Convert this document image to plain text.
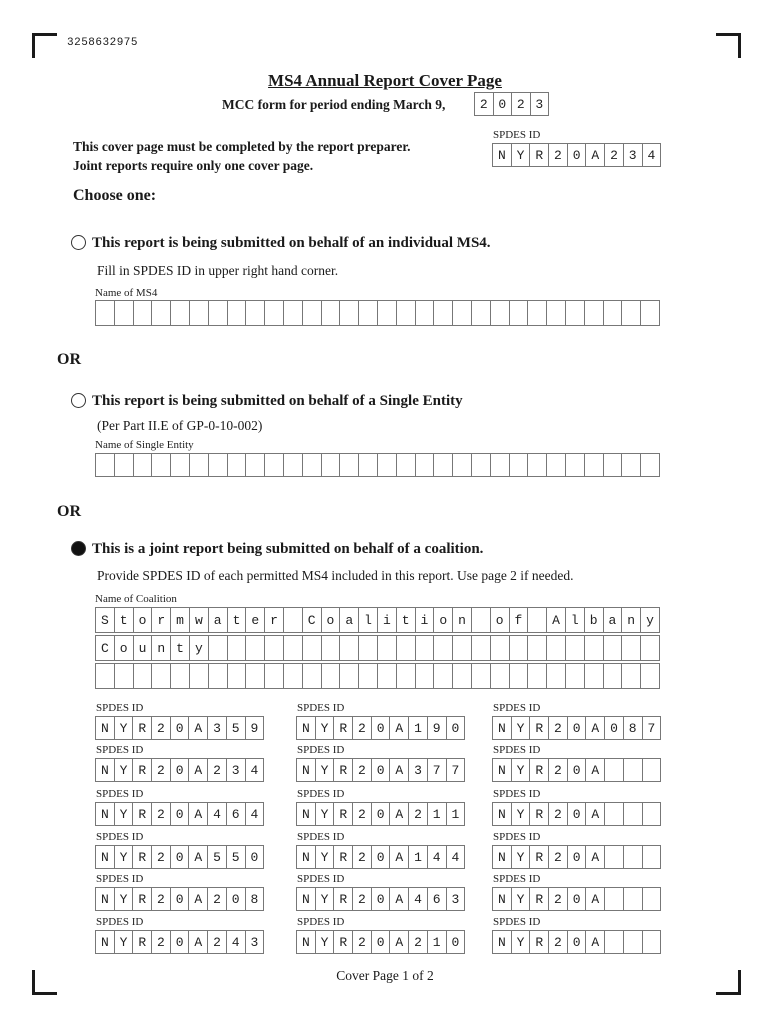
3258632975
MS4 Annual Report Cover Page
MCC form for period ending March 9,	2 0 2 3
This cover page must be completed by the report preparer.
Joint reports require only one cover page.
SPDES ID
N Y R 2 0 A 2 3 4
Choose one:
This report is being submitted on behalf of an individual MS4.
Fill in SPDES ID in upper right hand corner.
Name of MS4
OR
This report is being submitted on behalf of a Single Entity
(Per Part II.E of GP-0-10-002)
Name of Single Entity
OR
This is a joint report being submitted on behalf of a coalition.
Provide SPDES ID of each permitted MS4 included in this report. Use page 2 if needed.
Name of Coalition
S t o r m w a t e r	C o a l i t i o n	o f	A l b a n y
C o u n t y
SPDES ID
N Y R 2 0 A 3 5 9
SPDES ID
N Y R 2 0 A 1 9 0
SPDES ID
N Y R 2 0 A 0 8 7
SPDES ID
N Y R 2 0 A 2 3 4
SPDES ID
N Y R 2 0 A 3 7 7
SPDES ID
N Y R 2 0 A
SPDES ID
N Y R 2 0 A 4 6 4
SPDES ID
N Y R 2 0 A 2 1 1
SPDES ID
N Y R 2 0 A
SPDES ID
N Y R 2 0 A 5 5 0
SPDES ID
N Y R 2 0 A 1 4 4
SPDES ID
N Y R 2 0 A
SPDES ID
N Y R 2 0 A 2 0 8
SPDES ID
N Y R 2 0 A 4 6 3
SPDES ID
N Y R 2 0 A
SPDES ID
N Y R 2 0 A 2 4 3
SPDES ID
N Y R 2 0 A 2 1 0
SPDES ID
N Y R 2 0 A
Cover Page 1 of 2
